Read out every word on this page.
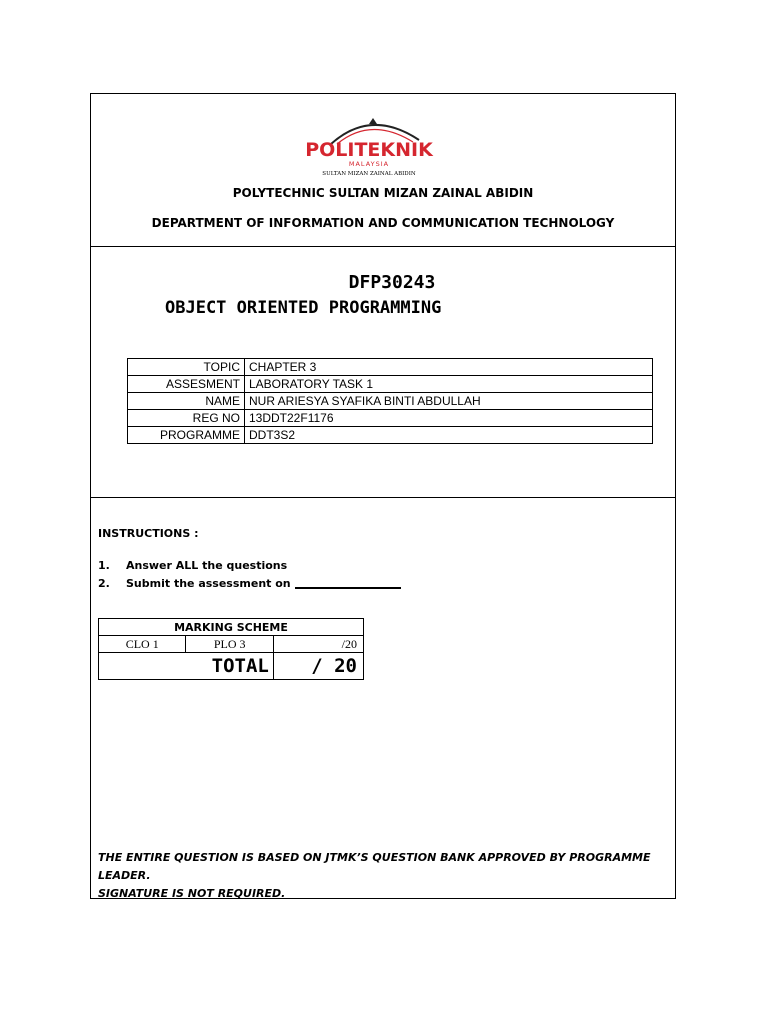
POLITEKNIK
MALAYSIA
SULTAN MIZAN ZAINAL ABIDIN
POLYTECHNIC SULTAN MIZAN ZAINAL ABIDIN
DEPARTMENT OF INFORMATION AND COMMUNICATION TECHNOLOGY
DFP30243
OBJECT ORIENTED PROGRAMMING
TOPIC	CHAPTER 3
ASSESMENT	LABORATORY TASK 1
NAME	NUR ARIESYA SYAFIKA BINTI ABDULLAH
REG NO	13DDT22F1176
PROGRAMME	DDT3S2
INSTRUCTIONS :
1.	Answer ALL the questions
2.	Submit the assessment on
MARKING SCHEME		
CLO 1	PLO 3	/20
TOTAL		/ 20
THE ENTIRE QUESTION IS BASED ON JTMK’S QUESTION BANK APPROVED BY PROGRAMME LEADER.
SIGNATURE IS NOT REQUIRED.
